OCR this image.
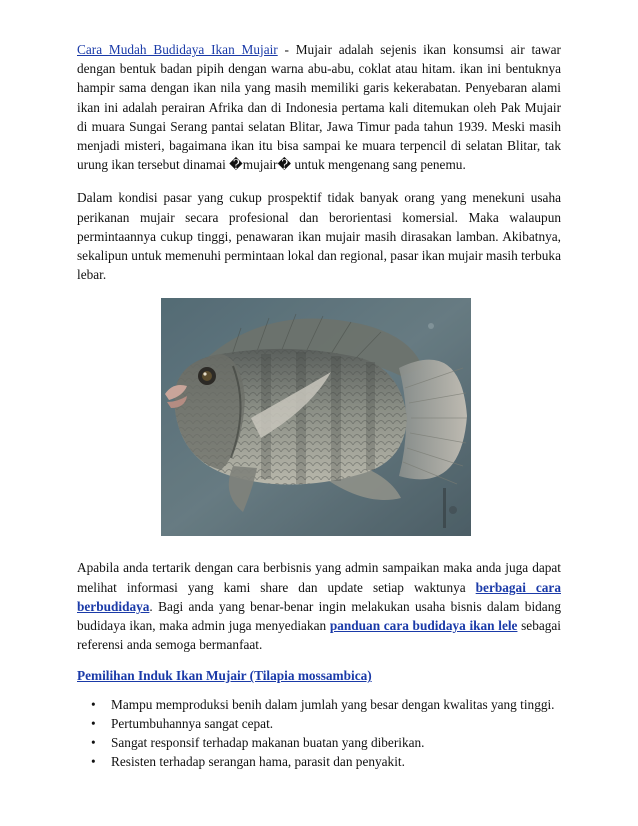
Cara Mudah Budidaya Ikan Mujair - Mujair adalah sejenis ikan konsumsi air tawar dengan bentuk badan pipih dengan warna abu-abu, coklat atau hitam. ikan ini bentuknya hampir sama dengan ikan nila yang masih memiliki garis kekerabatan. Penyebaran alami ikan ini adalah perairan Afrika dan di Indonesia pertama kali ditemukan oleh Pak Mujair di muara Sungai Serang pantai selatan Blitar, Jawa Timur pada tahun 1939. Meski masih menjadi misteri, bagaimana ikan itu bisa sampai ke muara terpencil di selatan Blitar, tak urung ikan tersebut dinamai �mujair� untuk mengenang sang penemu.

Dalam kondisi pasar yang cukup prospektif tidak banyak orang yang menekuni usaha perikanan mujair secara profesional dan berorientasi komersial. Maka walaupun permintaannya cukup tinggi, penawaran ikan mujair masih dirasakan lamban. Akibatnya, sekalipun untuk memenuhi permintaan lokal dan regional, pasar ikan mujair masih terbuka lebar.

Apabila anda tertarik dengan cara berbisnis yang admin sampaikan maka anda juga dapat melihat informasi yang kami share dan update setiap waktunya berbagai cara berbudidaya. Bagi anda yang benar-benar ingin melakukan usaha bisnis dalam bidang budidaya ikan, maka admin juga menyediakan panduan cara budidaya ikan lele sebagai referensi anda semoga bermanfaat.

Pemilihan Induk Ikan Mujair (Tilapia mossambica)

• Mampu memproduksi benih dalam jumlah yang besar dengan kwalitas yang tinggi.
• Pertumbuhannya sangat cepat.
• Sangat responsif terhadap makanan buatan yang diberikan.
• Resisten terhadap serangan hama, parasit dan penyakit.
